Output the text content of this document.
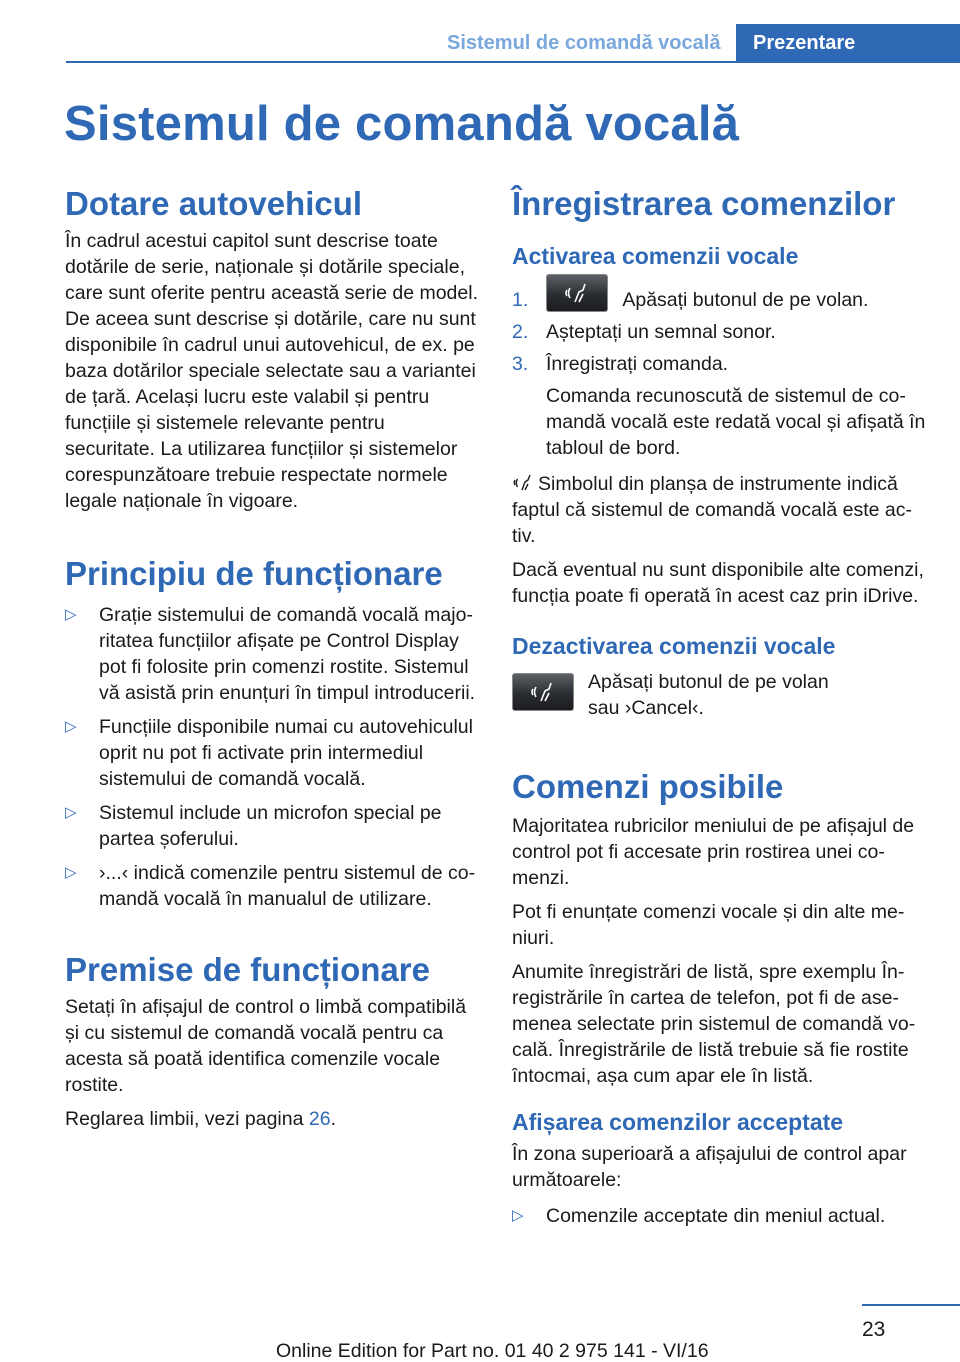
Sistemul de comandă vocală	Prezentare
Sistemul de comandă vocală
Dotare autovehicul

În cadrul acestui capitol sunt descrise toate dotările de serie, naționale și dotările speciale, care sunt oferite pentru această serie de model. De aceea sunt descrise și dotările, care nu sunt disponibile în cadrul unui autovehicul, de ex. pe baza dotărilor speciale selectate sau a variantei de țară. Același lucru este valabil și pentru funcțiile și sistemele relevante pentru securitate. La utilizarea funcțiilor și sistemelor corespunzătoare trebuie respectate normele legale naționale în vigoare.

Principiu de funcționare
▷ Grație sistemului de comandă vocală majoritatea funcțiilor afișate pe Control Display pot fi folosite prin comenzi rostite. Sistemul vă asistă prin enunțuri în timpul introducerii.
▷ Funcțiile disponibile numai cu autovehiculul oprit nu pot fi activate prin intermediul sistemului de comandă vocală.
▷ Sistemul include un microfon special pe partea șoferului.
▷ ›...‹ indică comenzile pentru sistemul de comandă vocală în manualul de utilizare.
Premise de funcționare

Setați în afișajul de control o limbă compatibilă și cu sistemul de comandă vocală pentru ca acesta să poată identifica comenzile vocale rostite.

Reglarea limbii, vezi pagina 26.

Înregistrarea comenzilor
Activarea comenzii vocale
1.	Apăsați butonul de pe volan.
2. Așteptați un semnal sonor.
3. Înregistrați comanda.

Comanda recunoscută de sistemul de comandă vocală este redată vocal și afișată în tabloul de bord.

Simbolul din planșa de instrumente indică faptul că sistemul de comandă vocală este activ.

Dacă eventual nu sunt disponibile alte comenzi, funcția poate fi operată în acest caz prin iDrive.

Dezactivarea comenzii vocale

Apăsați butonul de pe volan

sau ›Cancel‹.

Comenzi posibile

Majoritatea rubricilor meniului de pe afișajul de control pot fi accesate prin rostirea unei comenzi.

Pot fi enunțate comenzi vocale și din alte meniuri.

Anumite înregistrări de listă, spre exemplu Înregistrările în cartea de telefon, pot fi de asemenea selectate prin sistemul de comandă vocală. Înregistrările de listă trebuie să fie rostite întocmai, așa cum apar ele în listă.

Afișarea comenzilor acceptate

În zona superioară a afișajului de control apar următoarele:

▷ Comenzile acceptate din meniul actual.
23
Online Edition for Part no. 01 40 2 975 141 - VI/16
